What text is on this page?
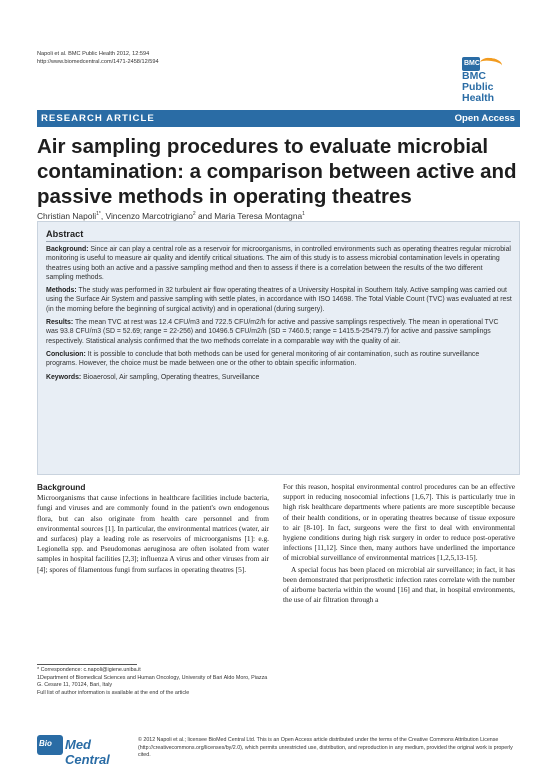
Napoli et al. BMC Public Health 2012, 12:594
http://www.biomedcentral.com/1471-2458/12/594	BMC
BMC
Public Health
RESEARCH ARTICLE	Open Access
Air sampling procedures to evaluate microbial contamination: a comparison between active and passive methods in operating theatres
Christian Napoli$^{1*}$, Vincenzo Marcotrigiano$^2$ and Maria Teresa Montagna$^1$
Abstract

Background: Since air can play a central role as a reservoir for microorganisms, in controlled environments such as operating theatres regular microbial monitoring is useful to measure air quality and identify critical situations. The aim of this study is to assess microbial contamination levels in operating theatres using both an active and a passive sampling method and then to assess if there is a correlation between the results of the two different sampling methods.

Methods: The study was performed in 32 turbulent air flow operating theatres of a University Hospital in Southern Italy. Active sampling was carried out using the Surface Air System and passive sampling with settle plates, in accordance with ISO 14698. The Total Viable Count (TVC) was evaluated at rest (in the morning before the beginning of surgical activity) and in operational (during surgery).

Results: The mean TVC at rest was 12.4 CFU/m3 and 722.5 CFU/m2/h for active and passive samplings respectively. The mean in operational TVC was 93.8 CFU/m3 (SD = 52.69; range = 22-256) and 10496.5 CFU/m2/h (SD = 7460.5; range = 1415.5-25479.7) for active and passive samplings respectively. Statistical analysis confirmed that the two methods correlate in a comparable way with the quality of air.

Conclusion: It is possible to conclude that both methods can be used for general monitoring of air contamination, such as routine surveillance programs. However, the choice must be made between one or the other to obtain specific information.

Keywords: Bioaerosol, Air sampling, Operating theatres, Surveillance

Background

Microorganisms that cause infections in healthcare facilities include bacteria, fungi and viruses and are commonly found in the patient's own endogenous flora, but can also originate from health care personnel and from environmental sources [1]. In particular, the environmental matrices (water, air and surfaces) play a leading role as reservoirs of microorganisms [1]: e.g. Legionella spp. and Pseudomonas aeruginosa are often isolated from water samples in hospital facilities [2,3]; influenza A virus and other viruses from air [4]; spores of filamentous fungi from surfaces in operating theatres [5].

For this reason, hospital environmental control procedures can be an effective support in reducing nosocomial infections [1,6,7]. This is particularly true in high risk healthcare departments where patients are more susceptible because of their health conditions, or in operating theatres because of tissue exposure to air [8-10]. In fact, surgeons were the first to deal with environmental hygiene conditions during high risk surgery in order to reduce post-operative infections [11,12]. Since then, many authors have underlined the importance of microbial surveillance of environmental matrices [1,2,5,13-15].

A special focus has been placed on microbial air surveillance; in fact, it has been demonstrated that periprosthetic infection rates correlate with the number of airborne bacteria within the wound [16] and that, in hospital environments, the use of air filtration through a

* Correspondence: c.napoli@igiene.uniba.it
1Department of Biomedical Sciences and Human Oncology, University of Bari Aldo Moro, Piazza G. Cesare 11, 70124, Bari, Italy
Full list of author information is available at the end of the article
Bio Med Central
© 2012 Napoli et al.; licensee BioMed Central Ltd. This is an Open Access article distributed under the terms of the Creative Commons Attribution License (http://creativecommons.org/licenses/by/2.0), which permits unrestricted use, distribution, and reproduction in any medium, provided the original work is properly cited.
